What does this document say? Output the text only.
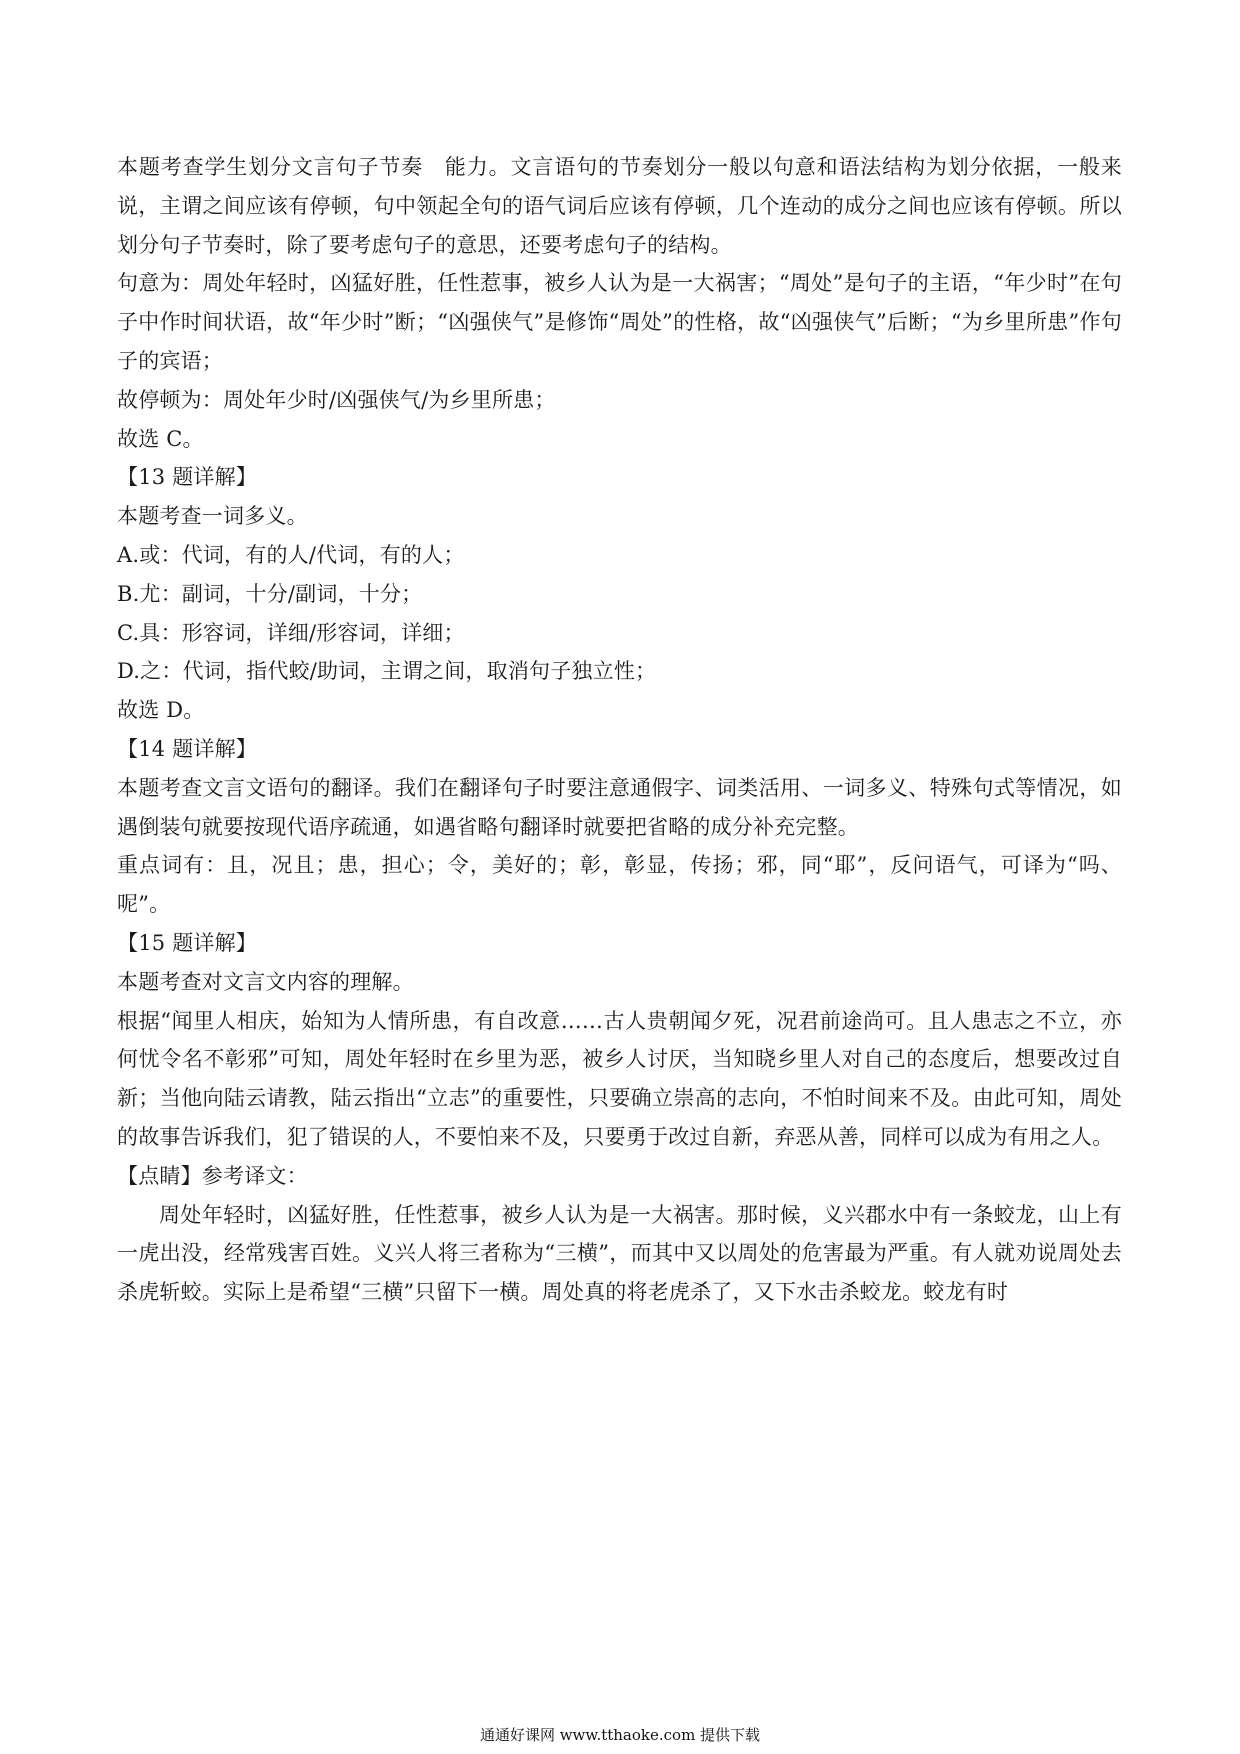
本题考查学生划分文言句子节奏　能力。文言语句的节奏划分一般以句意和语法结构为划分依据，一般来说，主谓之间应该有停顿，句中领起全句的语气词后应该有停顿，几个连动的成分之间也应该有停顿。所以划分句子节奏时，除了要考虑句子的意思，还要考虑句子的结构。

句意为：周处年轻时，凶猛好胜，任性惹事，被乡人认为是一大祸害；“周处”是句子的主语，“年少时”在句子中作时间状语，故“年少时”断；“凶强侠气”是修饰“周处”的性格，故“凶强侠气”后断；“为乡里所患”作句子的宾语；

故停顿为：周处年少时/凶强侠气/为乡里所患；

故选 C。

【13 题详解】

本题考查一词多义。

A.或：代词，有的人/代词，有的人；

B.尤：副词，十分/副词，十分；

C.具：形容词，详细/形容词，详细；

D.之：代词，指代蛟/助词，主谓之间，取消句子独立性；

故选 D。

【14 题详解】

本题考查文言文语句的翻译。我们在翻译句子时要注意通假字、词类活用、一词多义、特殊句式等情况，如遇倒装句就要按现代语序疏通，如遇省略句翻译时就要把省略的成分补充完整。

重点词有：且，况且；患，担心；令，美好的；彰，彰显，传扬；邪，同“耶”，反问语气，可译为“吗、呢”。

【15 题详解】

本题考查对文言文内容的理解。

根据“闻里人相庆，始知为人情所患，有自改意……古人贵朝闻夕死，况君前途尚可。且人患志之不立，亦何忧令名不彰邪”可知，周处年轻时在乡里为恶，被乡人讨厌，当知晓乡里人对自己的态度后，想要改过自新；当他向陆云请教，陆云指出“立志”的重要性，只要确立崇高的志向，不怕时间来不及。由此可知，周处的故事告诉我们，犯了错误的人，不要怕来不及，只要勇于改过自新，弃恶从善，同样可以成为有用之人。

【点睛】参考译文：

周处年轻时，凶猛好胜，任性惹事，被乡人认为是一大祸害。那时候，义兴郡水中有一条蛟龙，山上有一虎出没，经常残害百姓。义兴人将三者称为“三横”，而其中又以周处的危害最为严重。有人就劝说周处去杀虎斩蛟。实际上是希望“三横”只留下一横。周处真的将老虎杀了，又下水击杀蛟龙。蛟龙有时

通通好课网 www.tthaoke.com 提供下载
